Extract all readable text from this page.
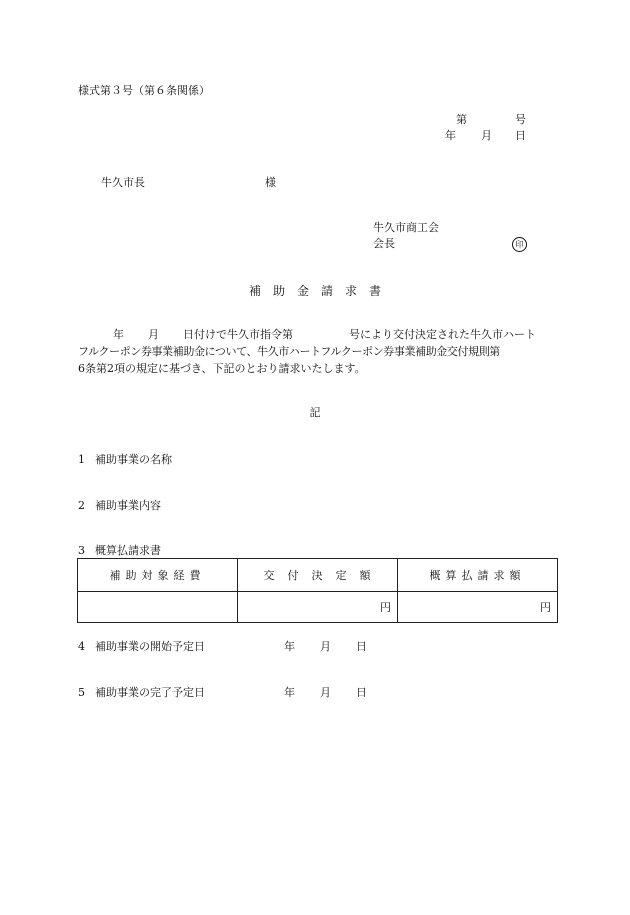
様式第３号（第６条関係）
第	号
年 月 日
牛久市長	様
牛久市商工会
会長	印
補　助　金　請　求　書
年 月 日付けで牛久市指令第	号により交付決定された牛久市ハート
フルクーポン券事業補助金について、牛久市ハートフルクーポン券事業補助金交付規則第
6条第2項の規定に基づき、下記のとおり請求いたします。
記
1 補助事業の名称
2 補助事業内容
3 概算払請求書
補助対象経費	交　付　決　定　額	概算払請求額
	円	円
4 補助事業の開始予定日	年 月 日
5 補助事業の完了予定日	年 月 日
